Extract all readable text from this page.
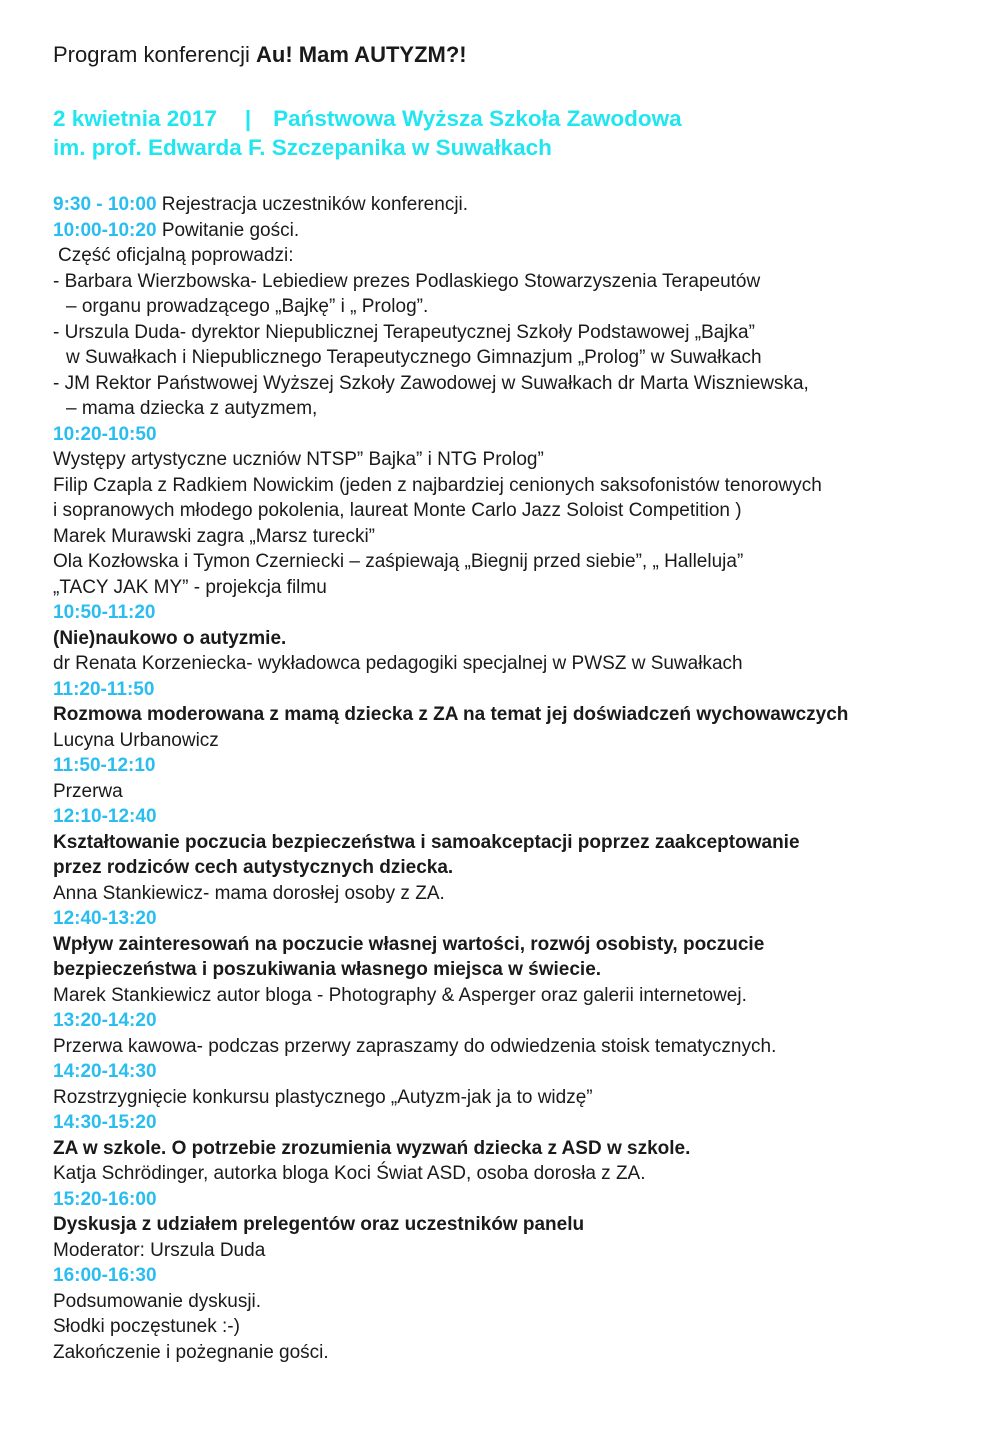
Program konferencji Au! Mam AUTYZM?!
2 kwietnia 2017 | Państwowa Wyższa Szkoła Zawodowa
im. prof. Edwarda F. Szczepanika w Suwałkach
9:30 - 10:00 Rejestracja uczestników konferencji.
10:00-10:20 Powitanie gości.
Część oficjalną poprowadzi:
- Barbara Wierzbowska- Lebiediew prezes Podlaskiego Stowarzyszenia Terapeutów
– organu prowadzącego „Bajkę” i „ Prolog”.
- Urszula Duda- dyrektor Niepublicznej Terapeutycznej Szkoły Podstawowej „Bajka”
w Suwałkach i Niepublicznego Terapeutycznego Gimnazjum „Prolog” w Suwałkach
- JM Rektor Państwowej Wyższej Szkoły Zawodowej w Suwałkach dr Marta Wiszniewska,
– mama dziecka z autyzmem,
10:20-10:50
Występy artystyczne uczniów NTSP” Bajka” i NTG Prolog”
Filip Czapla z Radkiem Nowickim (jeden z najbardziej cenionych saksofonistów tenorowych
i sopranowych młodego pokolenia, laureat Monte Carlo Jazz Soloist Competition )
Marek Murawski zagra „Marsz turecki”
Ola Kozłowska i Tymon Czerniecki – zaśpiewają „Biegnij przed siebie”, „ Halleluja”
„TACY JAK MY” - projekcja filmu
10:50-11:20
(Nie)naukowo o autyzmie.
dr Renata Korzeniecka- wykładowca pedagogiki specjalnej w PWSZ w Suwałkach
11:20-11:50
Rozmowa moderowana z mamą dziecka z ZA na temat jej doświadczeń wychowawczych
Lucyna Urbanowicz
11:50-12:10
Przerwa
12:10-12:40
Kształtowanie poczucia bezpieczeństwa i samoakceptacji poprzez zaakceptowanie
przez rodziców cech autystycznych dziecka.
Anna Stankiewicz- mama dorosłej osoby z ZA.
12:40-13:20
Wpływ zainteresowań na poczucie własnej wartości, rozwój osobisty, poczucie
bezpieczeństwa i poszukiwania własnego miejsca w świecie.
Marek Stankiewicz autor bloga - Photography & Asperger oraz galerii internetowej.
13:20-14:20
Przerwa kawowa- podczas przerwy zapraszamy do odwiedzenia stoisk tematycznych.
14:20-14:30
Rozstrzygnięcie konkursu plastycznego „Autyzm-jak ja to widzę”
14:30-15:20
ZA w szkole. O potrzebie zrozumienia wyzwań dziecka z ASD w szkole.
Katja Schrödinger, autorka bloga Koci Świat ASD, osoba dorosła z ZA.
15:20-16:00
Dyskusja z udziałem prelegentów oraz uczestników panelu
Moderator: Urszula Duda
16:00-16:30
Podsumowanie dyskusji.
Słodki poczęstunek :-)
Zakończenie i pożegnanie gości.
